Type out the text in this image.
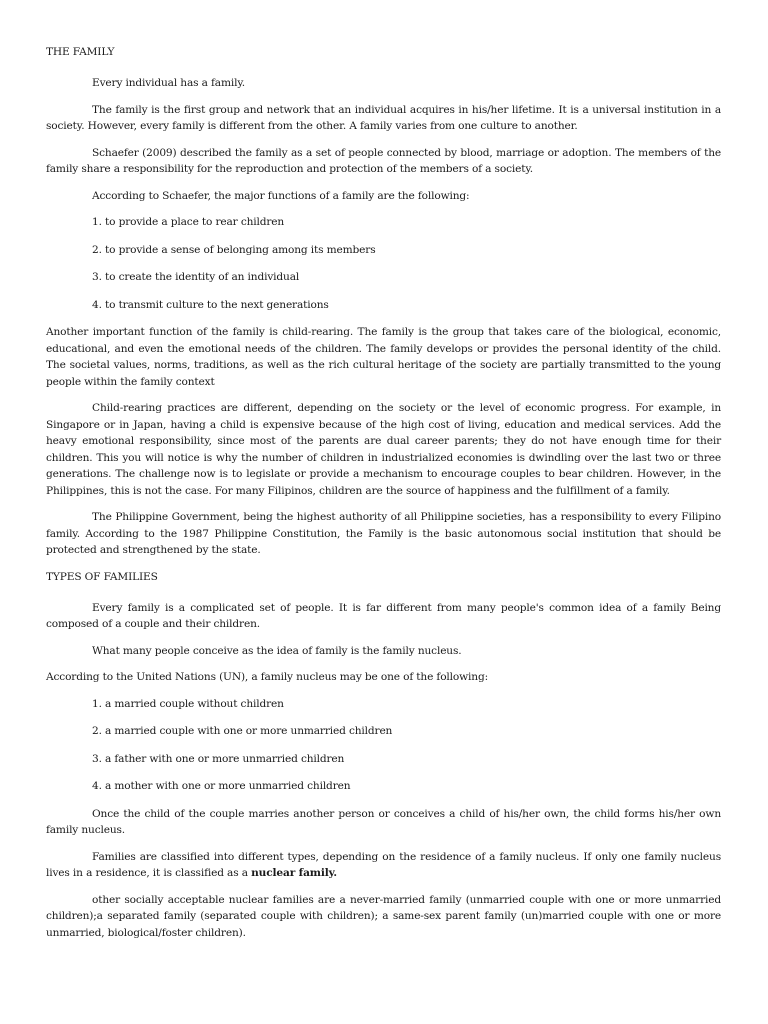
THE FAMILY

Every individual has a family.

The family is the first group and network that an individual acquires in his/her lifetime. It is a universal institution in a society. However, every family is different from the other. A family varies from one culture to another.

Schaefer (2009) described the family as a set of people connected by blood, marriage or adoption. The members of the family share a responsibility for the reproduction and protection of the members of a society.

According to Schaefer, the major functions of a family are the following:

1. to provide a place to rear children

2. to provide a sense of belonging among its members

3. to create the identity of an individual

4. to transmit culture to the next generations

Another important function of the family is child-rearing. The family is the group that takes care of the biological, economic, educational, and even the emotional needs of the children. The family develops or provides the personal identity of the child. The societal values, norms, traditions, as well as the rich cultural heritage of the society are partially transmitted to the young people within the family context

Child-rearing practices are different, depending on the society or the level of economic progress. For example, in Singapore or in Japan, having a child is expensive because of the high cost of living, education and medical services. Add the heavy emotional responsibility, since most of the parents are dual career parents; they do not have enough time for their children. This you will notice is why the number of children in industrialized economies is dwindling over the last two or three generations. The challenge now is to legislate or provide a mechanism to encourage couples to bear children. However, in the Philippines, this is not the case. For many Filipinos, children are the source of happiness and the fulfillment of a family.

The Philippine Government, being the highest authority of all Philippine societies, has a responsibility to every Filipino family. According to the 1987 Philippine Constitution, the Family is the basic autonomous social institution that should be protected and strengthened by the state.

TYPES OF FAMILIES

Every family is a complicated set of people. It is far different from many people's common idea of a family Being composed of a couple and their children.

What many people conceive as the idea of family is the family nucleus.

According to the United Nations (UN), a family nucleus may be one of the following:

1. a married couple without children

2. a married couple with one or more unmarried children

3. a father with one or more unmarried children

4. a mother with one or more unmarried children

Once the child of the couple marries another person or conceives a child of his/her own, the child forms his/her own family nucleus.

Families are classified into different types, depending on the residence of a family nucleus. If only one family nucleus lives in a residence, it is classified as a nuclear family.

other socially acceptable nuclear families are a never-married family (unmarried couple with one or more unmarried children);a separated family (separated couple with children); a same-sex parent family (un)married couple with one or more unmarried, biological/foster children).
